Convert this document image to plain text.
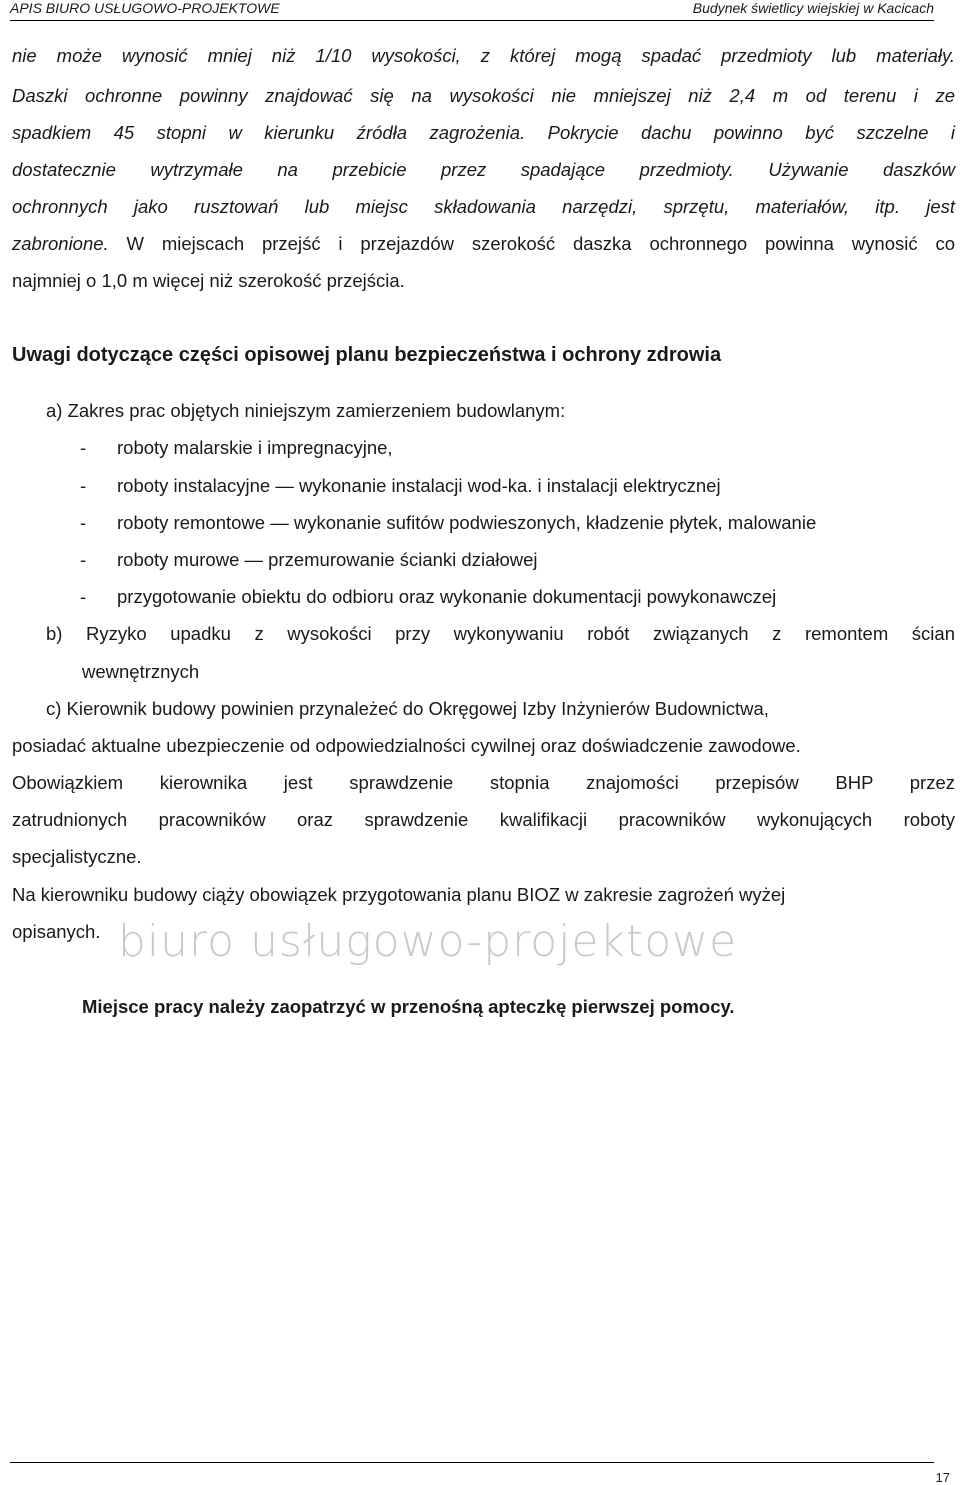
APIS BIURO USŁUGOWO-PROJEKTOWE	Budynek świetlicy wiejskiej w Kacicach
nie może wynosić mniej niż 1/10 wysokości, z której mogą spadać przedmioty lub materiały.
Daszki ochronne powinny znajdować się na wysokości nie mniejszej niż 2,4 m od terenu i ze
spadkiem 45 stopni w kierunku źródła zagrożenia. Pokrycie dachu powinno być szczelne i
dostatecznie wytrzymałe na przebicie przez spadające przedmioty. Używanie daszków
ochronnych jako rusztowań lub miejsc składowania narzędzi, sprzętu, materiałów, itp. jest
zabronione. W miejscach przejść i przejazdów szerokość daszka ochronnego powinna wynosić co
najmniej o 1,0 m więcej niż szerokość przejścia.
Uwagi dotyczące części opisowej planu bezpieczeństwa i ochrony zdrowia
a) Zakres prac objętych niniejszym zamierzeniem budowlanym:
- roboty malarskie i impregnacyjne,
- roboty instalacyjne — wykonanie instalacji wod-ka. i instalacji elektrycznej
- roboty remontowe — wykonanie sufitów podwieszonych, kładzenie płytek, malowanie
- roboty murowe — przemurowanie ścianki działowej
- przygotowanie obiektu do odbioru oraz wykonanie dokumentacji powykonawczej
b) Ryzyko upadku z wysokości przy wykonywaniu robót związanych z remontem ścian
wewnętrznych
c) Kierownik budowy powinien przynależeć do Okręgowej Izby Inżynierów Budownictwa,
posiadać aktualne ubezpieczenie od odpowiedzialności cywilnej oraz doświadczenie zawodowe.
Obowiązkiem kierownika jest sprawdzenie stopnia znajomości przepisów BHP przez
zatrudnionych pracowników oraz sprawdzenie kwalifikacji pracowników wykonujących roboty
specjalistyczne.
Na kierowniku budowy ciąży obowiązek przygotowania planu BIOZ w zakresie zagrożeń wyżej
opisanych. biuro usługowo-projektowe
Miejsce pracy należy zaopatrzyć w przenośną apteczkę pierwszej pomocy.
17
